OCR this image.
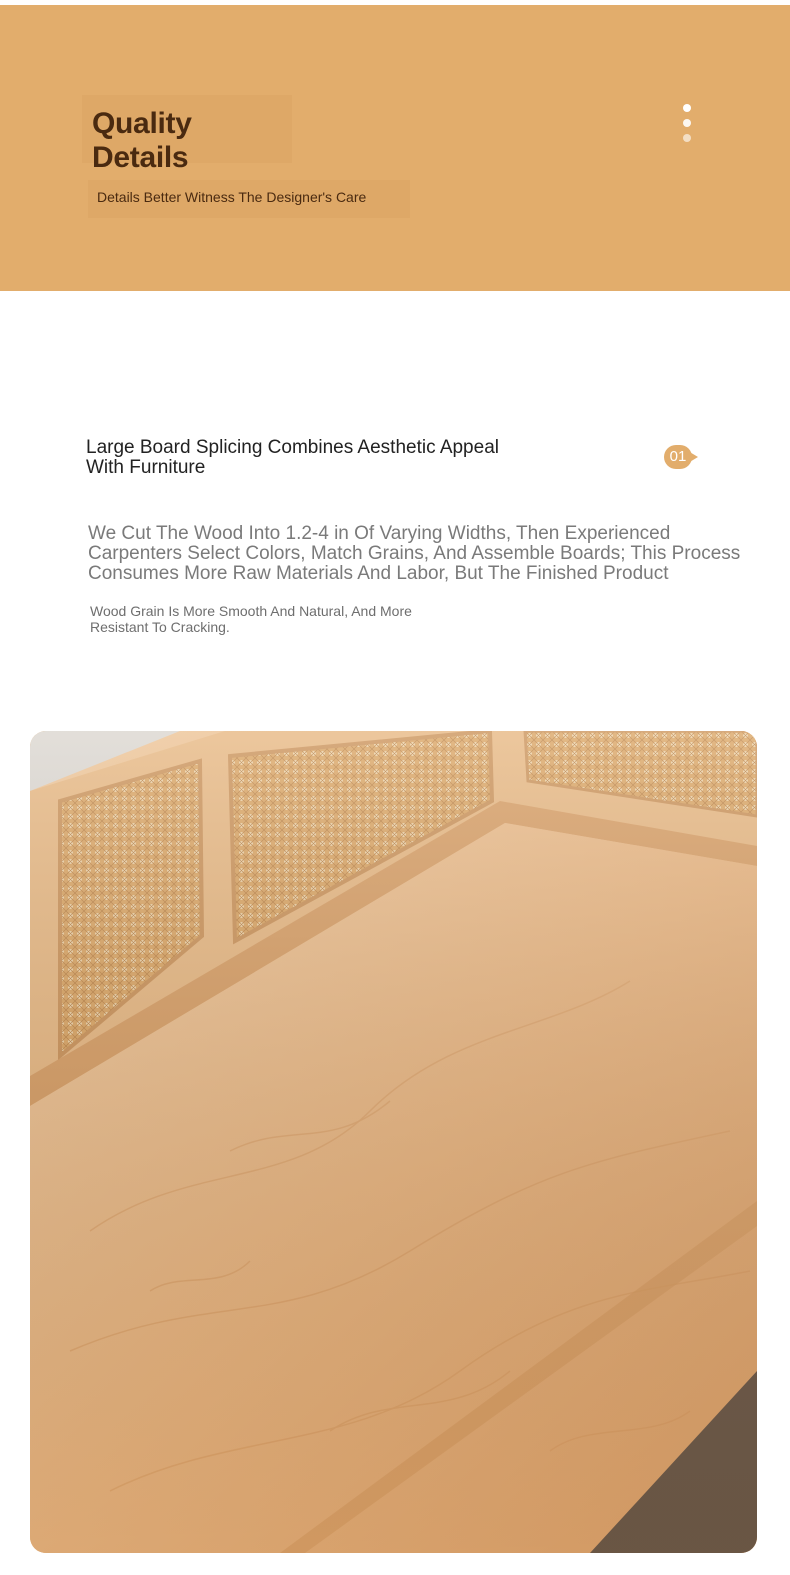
Quality Details
Details Better Witness The Designer's Care
Large Board Splicing Combines Aesthetic Appeal With Furniture
01
We Cut The Wood Into 1.2-4 in Of Varying Widths, Then Experienced Carpenters Select Colors, Match Grains, And Assemble Boards; This Process Consumes More Raw Materials And Labor, But The Finished Product
Wood Grain Is More Smooth And Natural, And More Resistant To Cracking.
